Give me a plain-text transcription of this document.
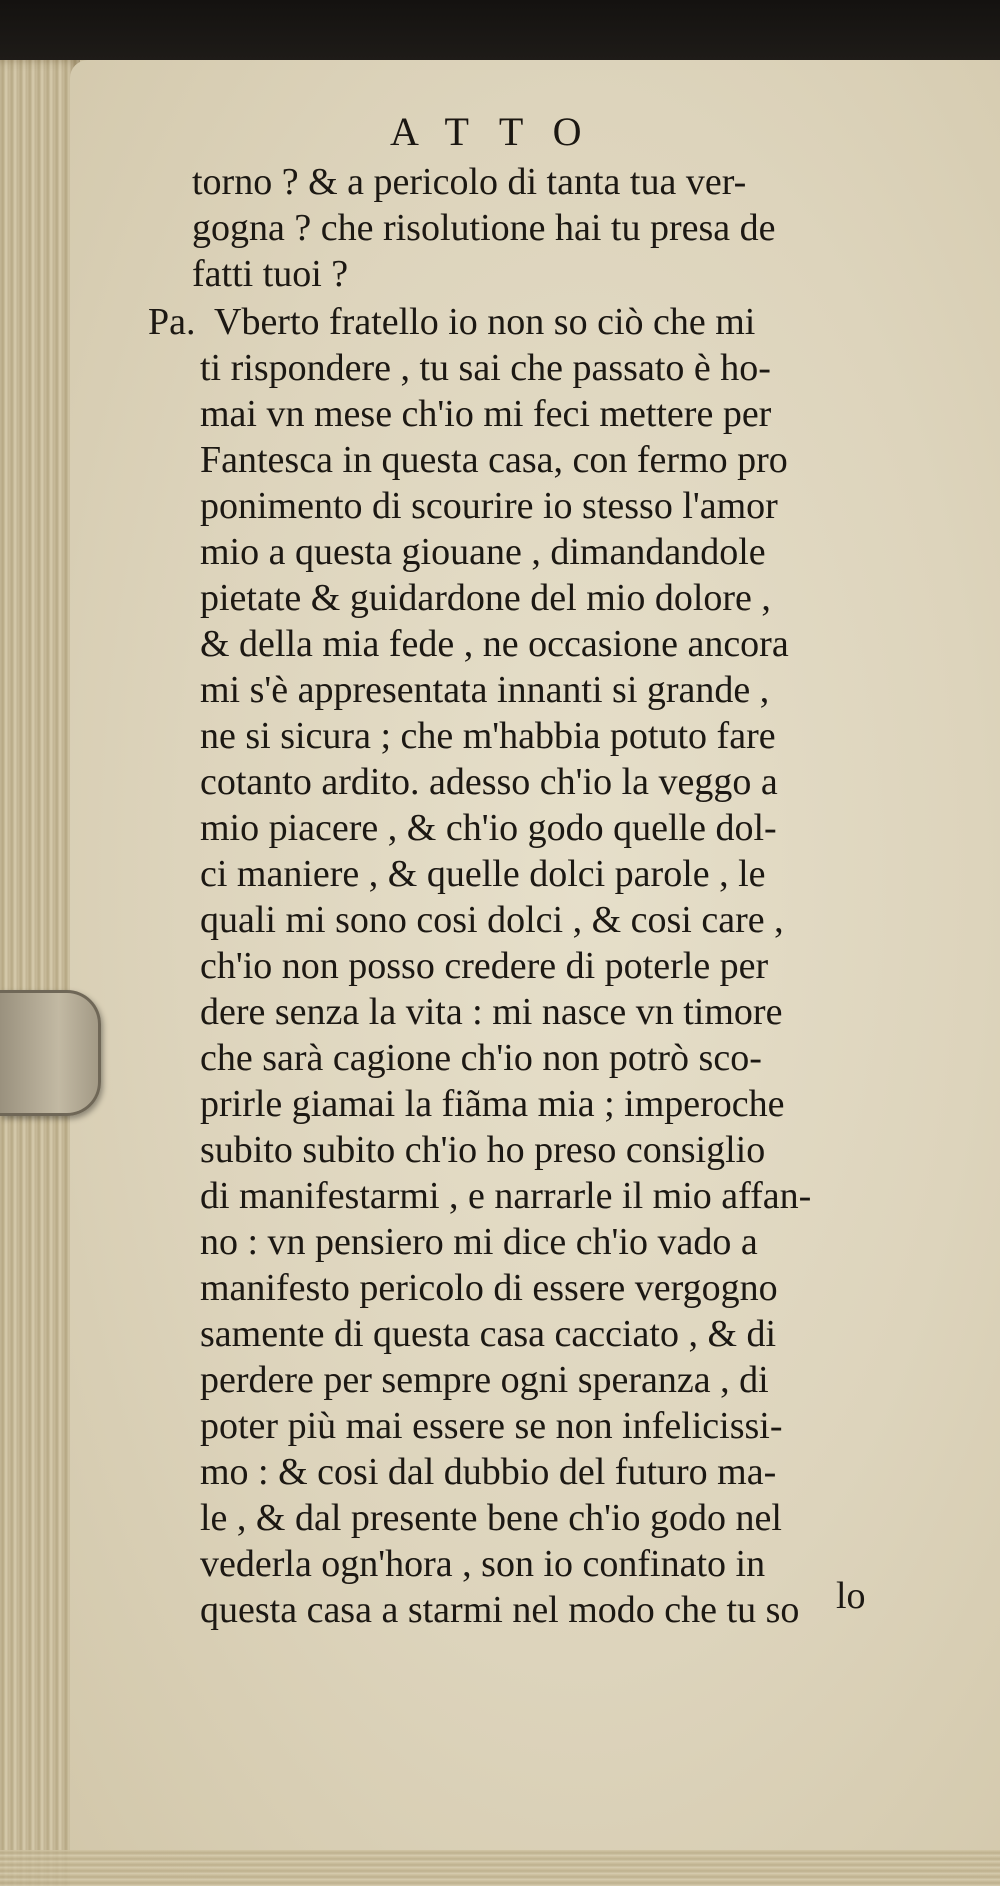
ATTO
torno ? & a pericolo di tanta tua ver-
gogna ? che risolutione hai tu presa de
fatti tuoi ?
Pa. Vberto fratello io non so ciò che mi
ti rispondere , tu sai che passato è ho-
mai vn mese ch'io mi feci mettere per
Fantesca in questa casa, con fermo pro
ponimento di scourire io stesso l'amor
mio a questa giouane , dimandandole
pietate & guidardone del mio dolore ,
& della mia fede , ne occasione ancora
mi s'è appresentata innanti si grande ,
ne si sicura ; che m'habbia potuto fare
cotanto ardito. adesso ch'io la veggo a
mio piacere , & ch'io godo quelle dol-
ci maniere , & quelle dolci parole , le
quali mi sono cosi dolci , & cosi care ,
ch'io non posso credere di poterle per
dere senza la vita : mi nasce vn timore
che sarà cagione ch'io non potrò sco-
prirle giamai la fiãma mia ; imperoche
subito subito ch'io ho preso consiglio
di manifestarmi , e narrarle il mio affan-
no : vn pensiero mi dice ch'io vado a
manifesto pericolo di essere vergogno
samente di questa casa cacciato , & di
perdere per sempre ogni speranza , di
poter più mai essere se non infelicissi-
mo : & cosi dal dubbio del futuro ma-
le , & dal presente bene ch'io godo nel
vederla ogn'hora , son io confinato in
questa casa a starmi nel modo che tu so lo
